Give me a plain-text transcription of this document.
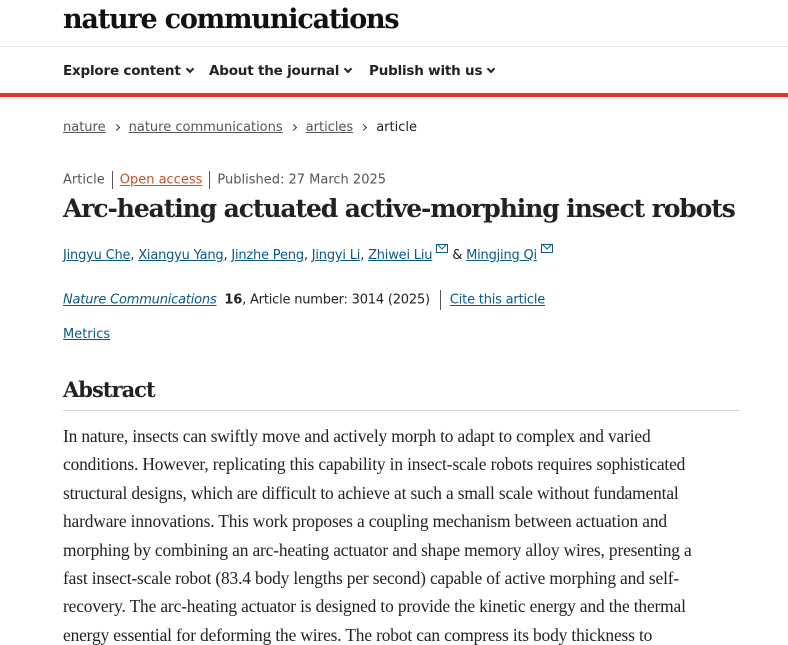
nature communications
Explore content	About the journal	Publish with us
nature nature communications articles article
Article Open access Published: 27 March 2025
Arc-heating actuated active-morphing insect robots
Jingyu Che, Xiangyu Yang, Jinzhe Peng, Jingyi Li, Zhiwei Liu & Mingjing Qi
Nature Communications 16, Article number: 3014 (2025) Cite this article
Metrics
Abstract
In nature, insects can swiftly move and actively morph to adapt to complex and varied
conditions. However, replicating this capability in insect-scale robots requires sophisticated
structural designs, which are difficult to achieve at such a small scale without fundamental
hardware innovations. This work proposes a coupling mechanism between actuation and
morphing by combining an arc-heating actuator and shape memory alloy wires, presenting a
fast insect-scale robot (83.4 body lengths per second) capable of active morphing and self-
recovery. The arc-heating actuator is designed to provide the kinetic energy and the thermal
energy essential for deforming the wires. The robot can compress its body thickness to
